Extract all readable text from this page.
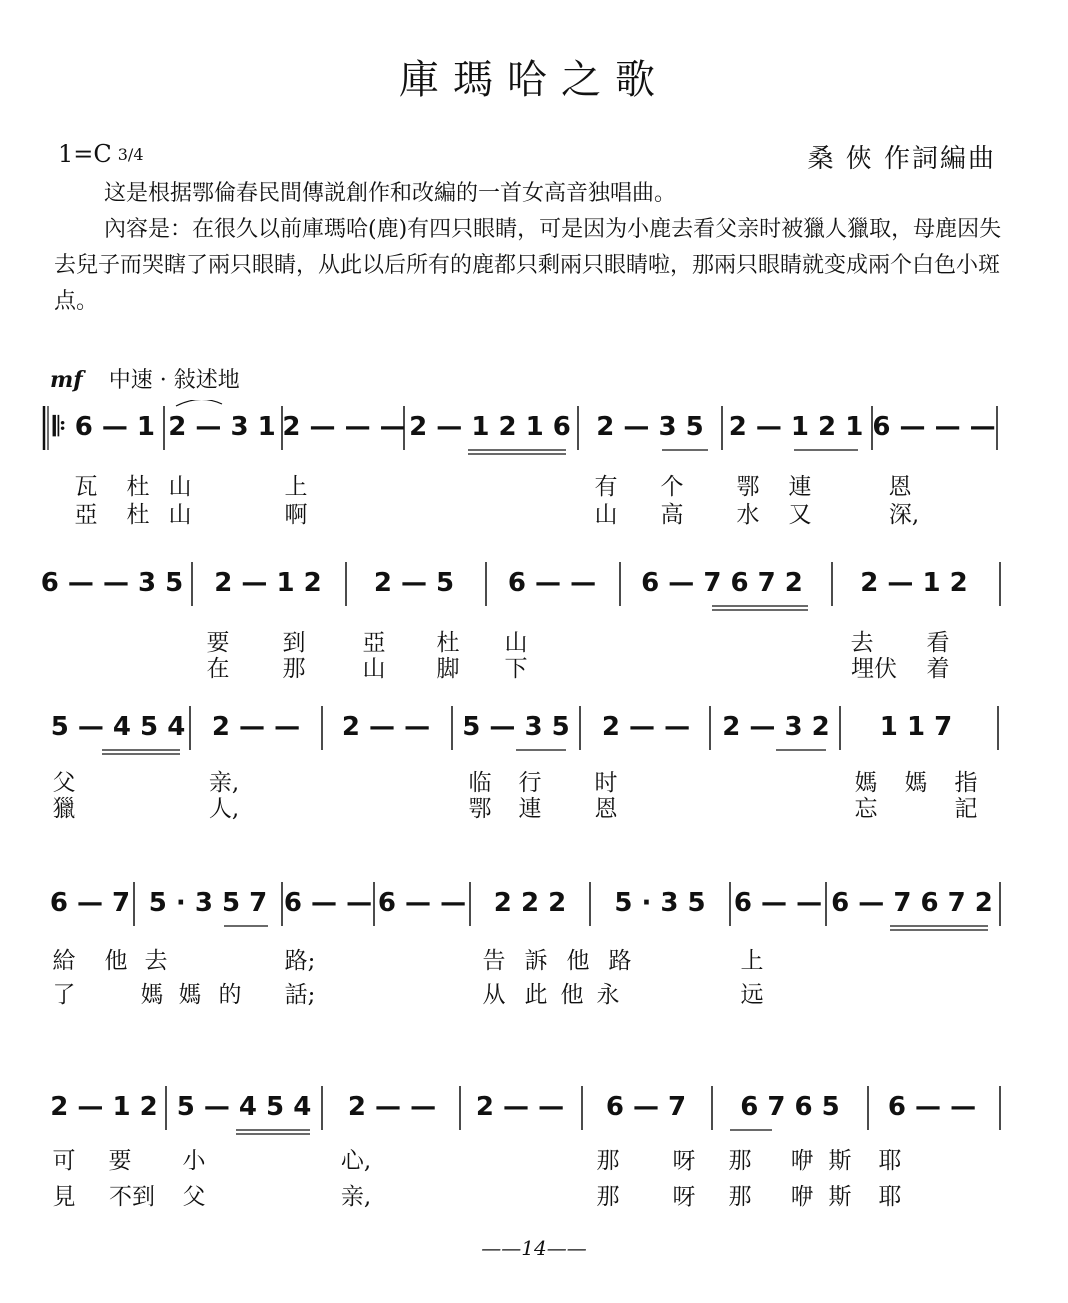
庫瑪哈之歌
1=C 3/4	桑 俠 作詞編曲

这是根据鄂倫春民間傳説創作和改編的一首女高音独唱曲。

內容是：在很久以前庫瑪哈(鹿)有四只眼睛，可是因为小鹿去看父亲时被獵人獵取，母鹿因失去兒子而哭瞎了兩只眼睛，从此以后所有的鹿都只剩兩只眼睛啦，那兩只眼睛就变成兩个白色小斑点。

mf 中速 · 敍述地
𝄆 6 — 1 2 — 3 1 2 — — — 2 — 1 2 1 6 2 — 3 5 2 — 1 2 1 6 — — —
瓦 杜 山	上	有 个 鄂 連	恩
亞 杜 山	啊	山 高 水 又	深,
6 — — 3 5 2 — 1 2 2 — 5 6 — — 6 — 7 6 7 2 2 — 1 2
要 到 亞 杜 山	去 看
在 那 山 脚 下	埋伏 着
5 — 4 5 4 2 — — 2 — — 5 — 3 5 2 — — 2 — 3 2 1 1 7
父	亲,	临 行 时	媽 媽 指
獵	人,	鄂 連 恩	忘	記
6 — 7 5 · 3 5 7 6 — — 6 — — 2 2 2 5 · 3 5 6 — — 6 — 7 6 7 2
給 他 去	路;	告 訴 他 路	上
了	媽 媽 的 話;	从 此 他 永	远
2 — 1 2 5 — 4 5 4 2 — — 2 — — 6 — 7 6 7 6 5 6 — —
可 要 小	心,	那 呀 那 咿 斯 耶
見 不到 父	亲,	那 呀 那 咿 斯 耶
——14——
